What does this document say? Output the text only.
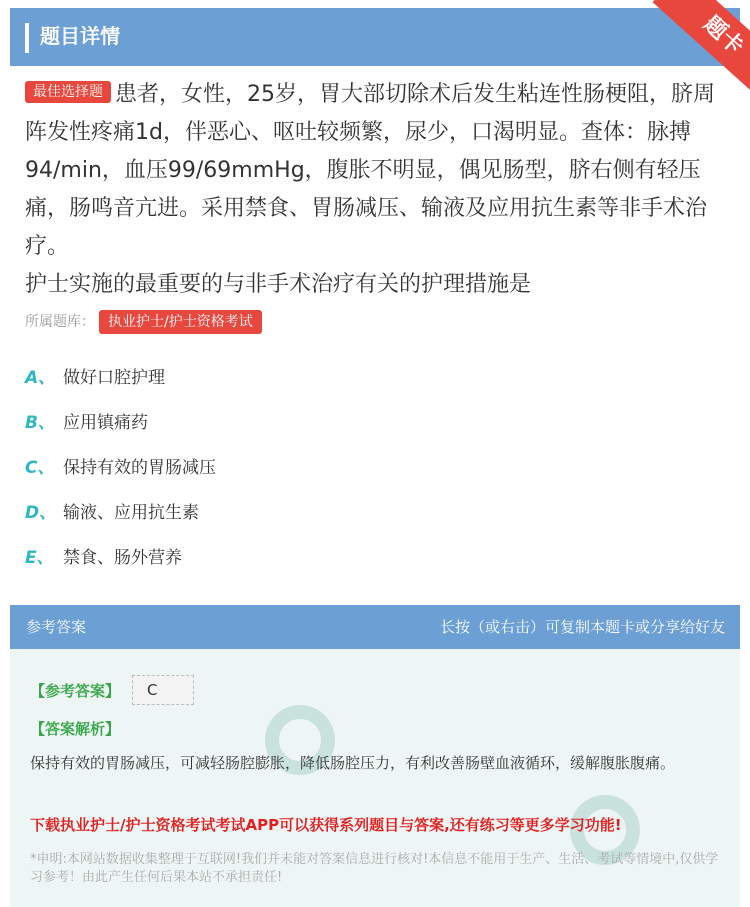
题目详情	题卡
最佳选择题 患者，女性，25岁，胃大部切除术后发生粘连性肠梗阻，脐周阵发性疼痛1d，伴恶心、呕吐较频繁，尿少，口渴明显。查体：脉搏94/min，血压99/69mmHg，腹胀不明显，偶见肠型，脐右侧有轻压痛，肠鸣音亢进。采用禁食、胃肠减压、输液及应用抗生素等非手术治疗。
护士实施的最重要的与非手术治疗有关的护理措施是
所属题库： 执业护士/护士资格考试
A、 做好口腔护理
B、 应用镇痛药
C、 保持有效的胃肠减压
D、 输液、应用抗生素
E、 禁食、肠外营养
参考答案	长按（或右击）可复制本题卡或分享给好友
【参考答案】	C
【答案解析】
保持有效的胃肠减压，可减轻肠腔膨胀，降低肠腔压力，有利改善肠壁血液循环，缓解腹胀腹痛。
下载执业护士/护士资格考试考试APP可以获得系列题目与答案,还有练习等更多学习功能!
*申明:本网站数据收集整理于互联网!我们并未能对答案信息进行核对!本信息不能用于生产、生活、考试等情境中,仅供学习参考！由此产生任何后果本站不承担责任!
